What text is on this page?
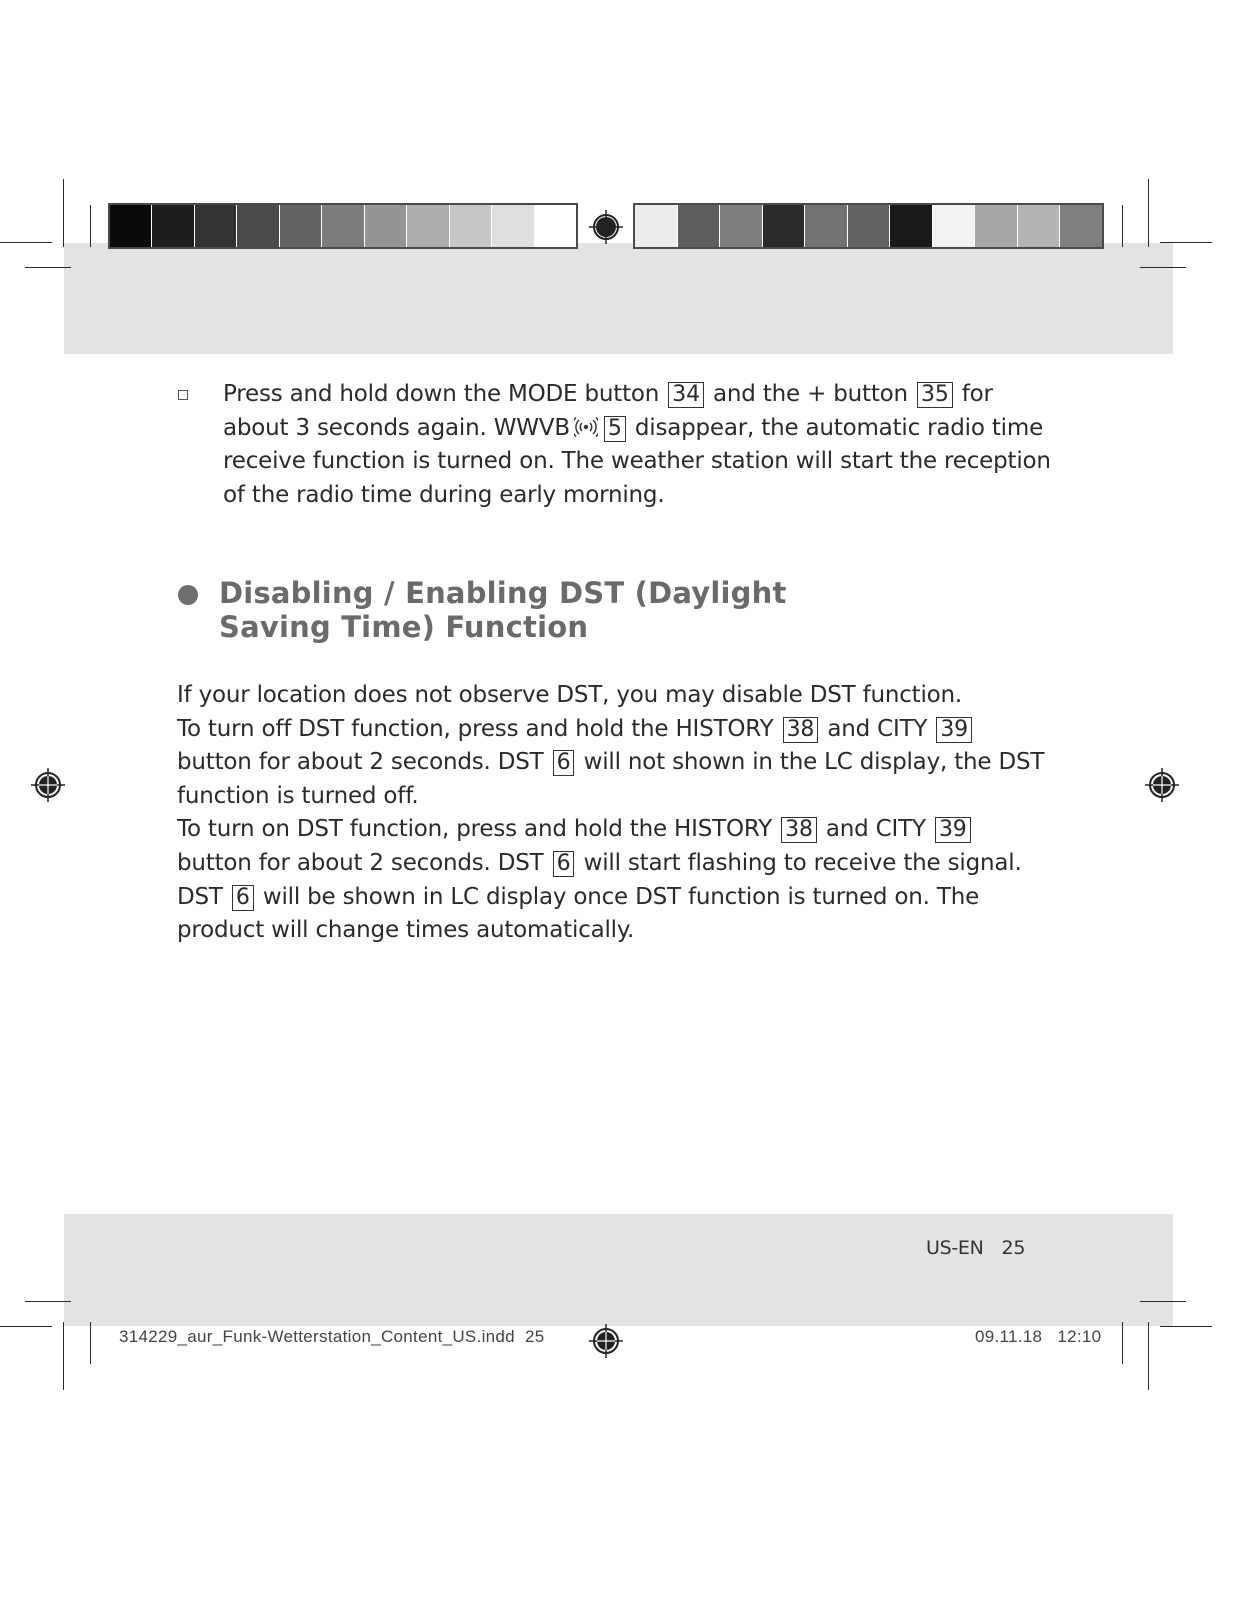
Press and hold down the MODE button 34 and the + button 35 for about 3 seconds again. WWVB 5 disappear, the automatic radio time receive function is turned on. The weather station will start the reception of the radio time during early morning.
Disabling / Enabling DST (Daylight
Saving Time) Function

If your location does not observe DST, you may disable DST function.

To turn off DST function, press and hold the HISTORY 38 and CITY 39 button for about 2 seconds. DST 6 will not shown in the LC display, the DST function is turned off.

To turn on DST function, press and hold the HISTORY 38 and CITY 39 button for about 2 seconds. DST 6 will start flashing to receive the signal. DST 6 will be shown in LC display once DST function is turned on. The product will change times automatically.

US-EN 25
314229_aur_Funk-Wetterstation_Content_US.indd 25	09.11.18 12:10
